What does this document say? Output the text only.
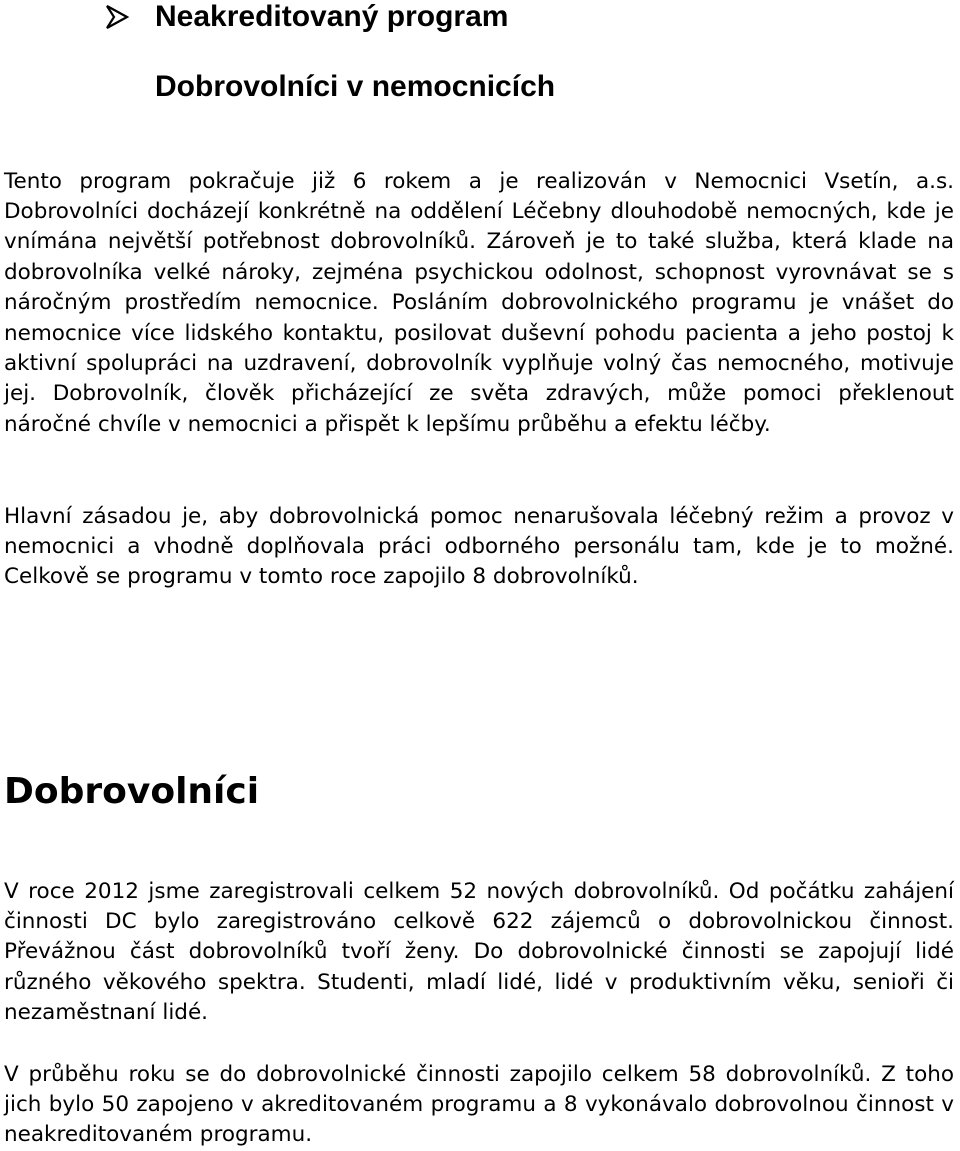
Neakreditovaný program
Dobrovolníci v nemocnicích

Tento program pokračuje již 6 rokem a je realizován v Nemocnici Vsetín, a.s. Dobrovolníci docházejí konkrétně na oddělení Léčebny dlouhodobě nemocných, kde je vnímána největší potřebnost dobrovolníků. Zároveň je to také služba, která klade na dobrovolníka velké nároky, zejména psychickou odolnost, schopnost vyrovnávat se s náročným prostředím nemocnice. Posláním dobrovolnického programu je vnášet do nemocnice více lidského kontaktu, posilovat duševní pohodu pacienta a jeho postoj k aktivní spolupráci na uzdravení, dobrovolník vyplňuje volný čas nemocného, motivuje jej. Dobrovolník, člověk přicházející ze světa zdravých, může pomoci překlenout náročné chvíle v nemocnici a přispět k lepšímu průběhu a efektu léčby.

Hlavní zásadou je, aby dobrovolnická pomoc nenarušovala léčebný režim a provoz v nemocnici a vhodně doplňovala práci odborného personálu tam, kde je to možné. Celkově se programu v tomto roce zapojilo 8 dobrovolníků.

Dobrovolníci

V roce 2012 jsme zaregistrovali celkem 52 nových dobrovolníků. Od počátku zahájení činnosti DC bylo zaregistrováno celkově 622 zájemců o dobrovolnickou činnost. Převážnou část dobrovolníků tvoří ženy. Do dobrovolnické činnosti se zapojují lidé různého věkového spektra. Studenti, mladí lidé, lidé v produktivním věku, senioři či nezaměstnaní lidé.

V průběhu roku se do dobrovolnické činnosti zapojilo celkem 58 dobrovolníků. Z toho jich bylo 50 zapojeno v akreditovaném programu a 8 vykonávalo dobrovolnou činnost v neakreditovaném programu.
